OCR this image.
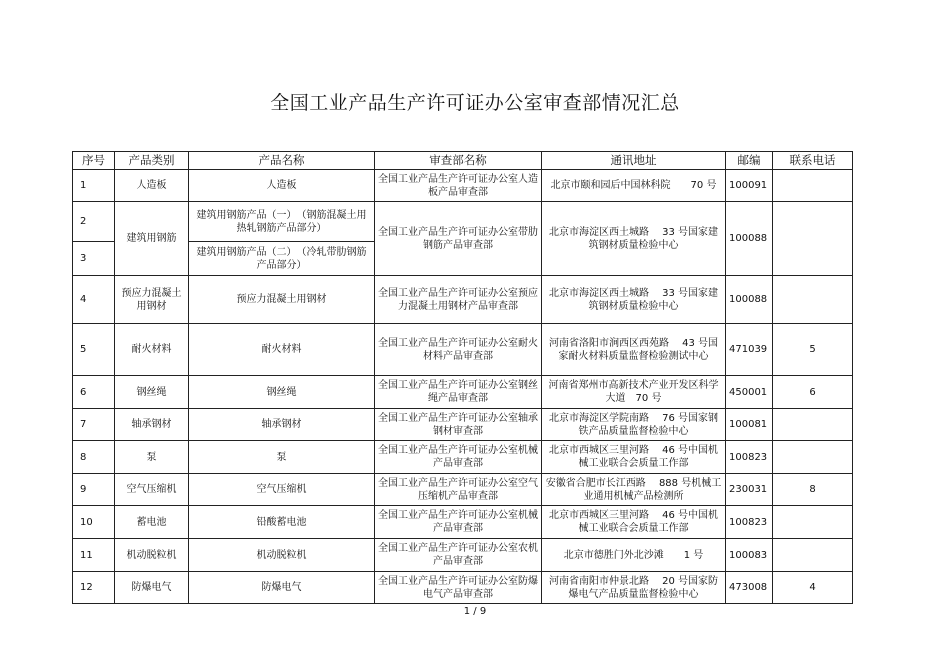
全国工业产品生产许可证办公室审查部情况汇总
序号	产品类别	产品名称	审查部名称	通讯地址	邮编	联系电话
1	人造板	人造板	全国工业产品生产许可证办公室人造板产品审查部	北京市颐和园后中国林科院　　70 号	100091	
2	建筑用钢筋	建筑用钢筋产品（一）　（钢筋混凝土用热轧钢筋产品部分）	全国工业产品生产许可证办公室带肋钢筋产品审查部	北京市海淀区西土城路　 33 号国家建筑钢材质量检验中心	100088	
3		建筑用钢筋产品（二）　（冷轧带肋钢筋产品部分）				
4	预应力混凝土用钢材	预应力混凝土用钢材	全国工业产品生产许可证办公室预应力混凝土用钢材产品审查部	北京市海淀区西土城路　 33 号国家建筑钢材质量检验中心	100088	
5	耐火材料	耐火材料	全国工业产品生产许可证办公室耐火材料产品审查部	河南省洛阳市涧西区西苑路　 43 号国家耐火材料质量监督检验测试中心	471039	5
6	钢丝绳	钢丝绳	全国工业产品生产许可证办公室钢丝绳产品审查部	河南省郑州市高新技术产业开发区科学大道　70 号	450001	6
7	轴承钢材	轴承钢材	全国工业产品生产许可证办公室轴承钢材审查部	北京市海淀区学院南路　 76 号国家钢铁产品质量监督检验中心	100081	
8	泵	泵	全国工业产品生产许可证办公室机械产品审查部	北京市西城区三里河路　 46 号中国机械工业联合会质量工作部	100823	
9	空气压缩机	空气压缩机	全国工业产品生产许可证办公室空气压缩机产品审查部	安徽省合肥市长江西路　 888 号机械工业通用机械产品检测所	230031	8
10	蓄电池	铅酸蓄电池	全国工业产品生产许可证办公室机械产品审查部	北京市西城区三里河路　 46 号中国机械工业联合会质量工作部	100823	
11	机动脱粒机	机动脱粒机	全国工业产品生产许可证办公室农机产品审查部	北京市德胜门外北沙滩　　1 号	100083	
12	防爆电气	防爆电气	全国工业产品生产许可证办公室防爆电气产品审查部	河南省南阳市仲景北路　 20 号国家防爆电气产品质量监督检验中心	473008	4
1 / 9
